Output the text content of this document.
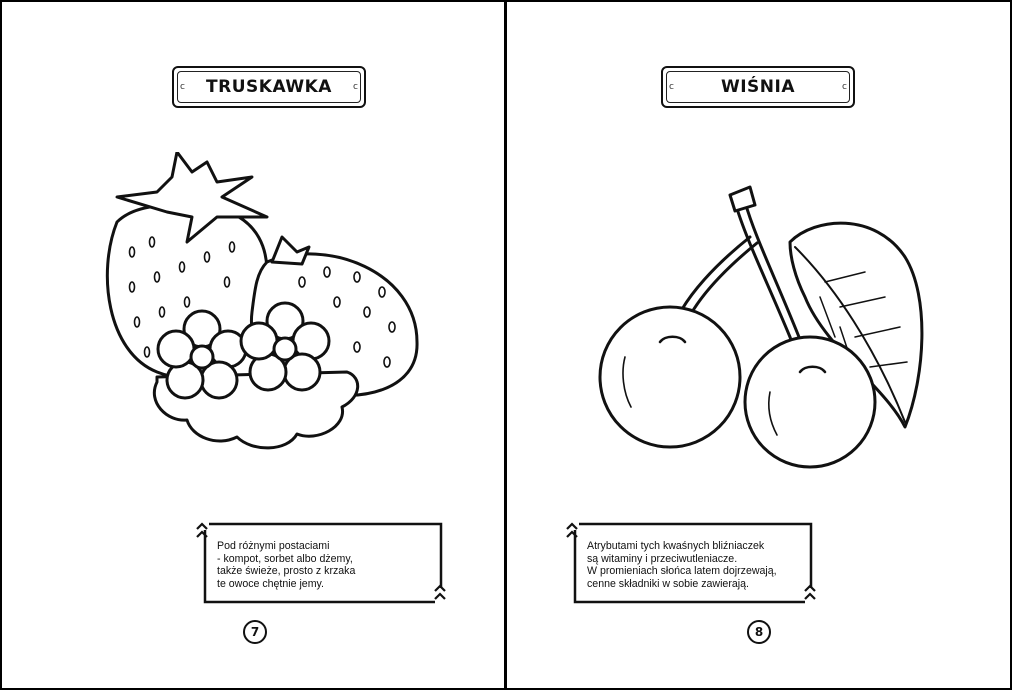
c TRUSKAWKA c
Pod różnymi postaciami
- kompot, sorbet albo dżemy,
także świeże, prosto z krzaka
te owoce chętnie jemy.
7
c	WIŚNIA	c
Atrybutami tych kwaśnych bliźniaczek
są witaminy i przeciwutleniacze.
W promieniach słońca latem dojrzewają,
cenne składniki w sobie zawierają.
8
